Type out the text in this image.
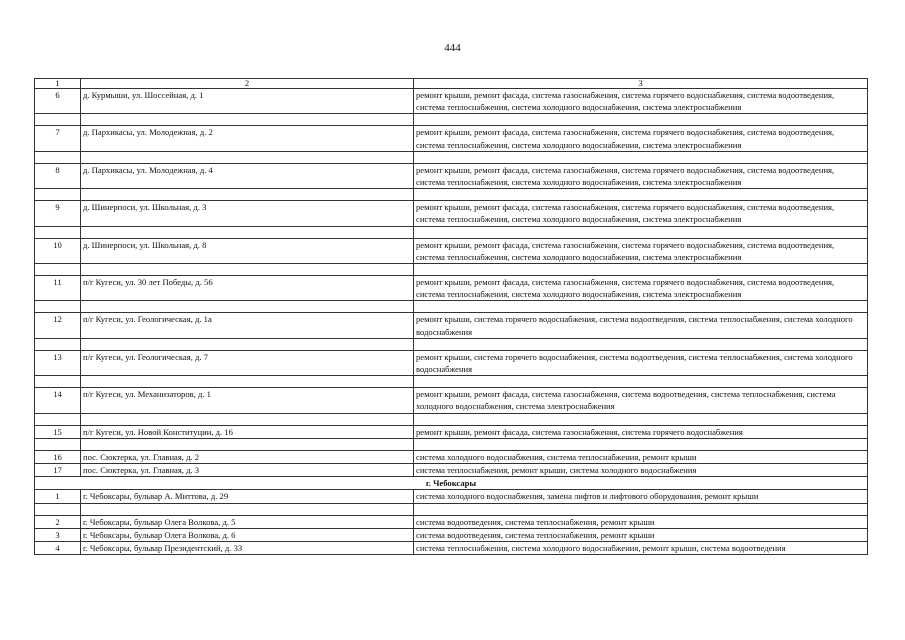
444
1	2	3
6	д. Курмыши, ул. Шоссейная, д. 1	ремонт крыши, ремонт фасада, система газоснабжения, система горячего водоснабжения, система водоотведения, система теплоснабжения, система холодного водоснабжения, система электроснабжения

7	д. Пархикасы, ул. Молодежная, д. 2	ремонт крыши, ремонт фасада, система газоснабжения, система горячего водоснабжения, система водоотведения, система теплоснабжения, система холодного водоснабжения, система электроснабжения

8	д. Пархикасы, ул. Молодежная, д. 4	ремонт крыши, ремонт фасада, система газоснабжения, система горячего водоснабжения, система водоотведения, система теплоснабжения, система холодного водоснабжения, система электроснабжения

9	д. Шинерпоси, ул. Школьная, д. 3	ремонт крыши, ремонт фасада, система газоснабжения, система горячего водоснабжения, система водоотведения, система теплоснабжения, система холодного водоснабжения, система электроснабжения

10	д. Шинерпоси, ул. Школьная, д. 8	ремонт крыши, ремонт фасада, система газоснабжения, система горячего водоснабжения, система водоотведения, система теплоснабжения, система холодного водоснабжения, система электроснабжения

11	п/г Кугеси, ул. 30 лет Победы, д. 56	ремонт крыши, ремонт фасада, система газоснабжения, система горячего водоснабжения, система водоотведения, система теплоснабжения, система холодного водоснабжения, система электроснабжения

12	п/г Кугеси, ул. Геологическая, д. 1а	ремонт крыши, система горячего водоснабжения, система водоотведения, система теплоснабжения, система холодного водоснабжения

13	п/г Кугеси, ул. Геологическая, д. 7	ремонт крыши, система горячего водоснабжения, система водоотведения, система теплоснабжения, система холодного водоснабжения

14	п/г Кугеси, ул. Механизаторов, д. 1	ремонт крыши, ремонт фасада, система газоснабжения, система водоотведения, система теплоснабжения, система холодного водоснабжения, система электроснабжения

15	п/г Кугеси, ул. Новой Конституции, д. 16	ремонт крыши, ремонт фасада, система газоснабжения, система горячего водоснабжения

16	пос. Сюктерка, ул. Главная, д. 2	система холодного водоснабжения, система теплоснабжения, ремонт крыши
17	пос. Сюктерка, ул. Главная, д. 3	система теплоснабжения, ремонт крыши, система холодного водоснабжения
г. Чебоксары		
1	г. Чебоксары, бульвар А. Миттова, д. 29	система холодного водоснабжения, замена лифтов и лифтового оборудования, ремонт крыши

2	г. Чебоксары, бульвар Олега Волкова, д. 5	система водоотведения, система теплоснабжения, ремонт крыши
3	г. Чебоксары, бульвар Олега Волкова, д. 6	система водоотведения, система теплоснабжения, ремонт крыши
4	г. Чебоксары, бульвар Президентский, д. 33	система теплоснабжения, система холодного водоснабжения, ремонт крыши, система водоотведения
